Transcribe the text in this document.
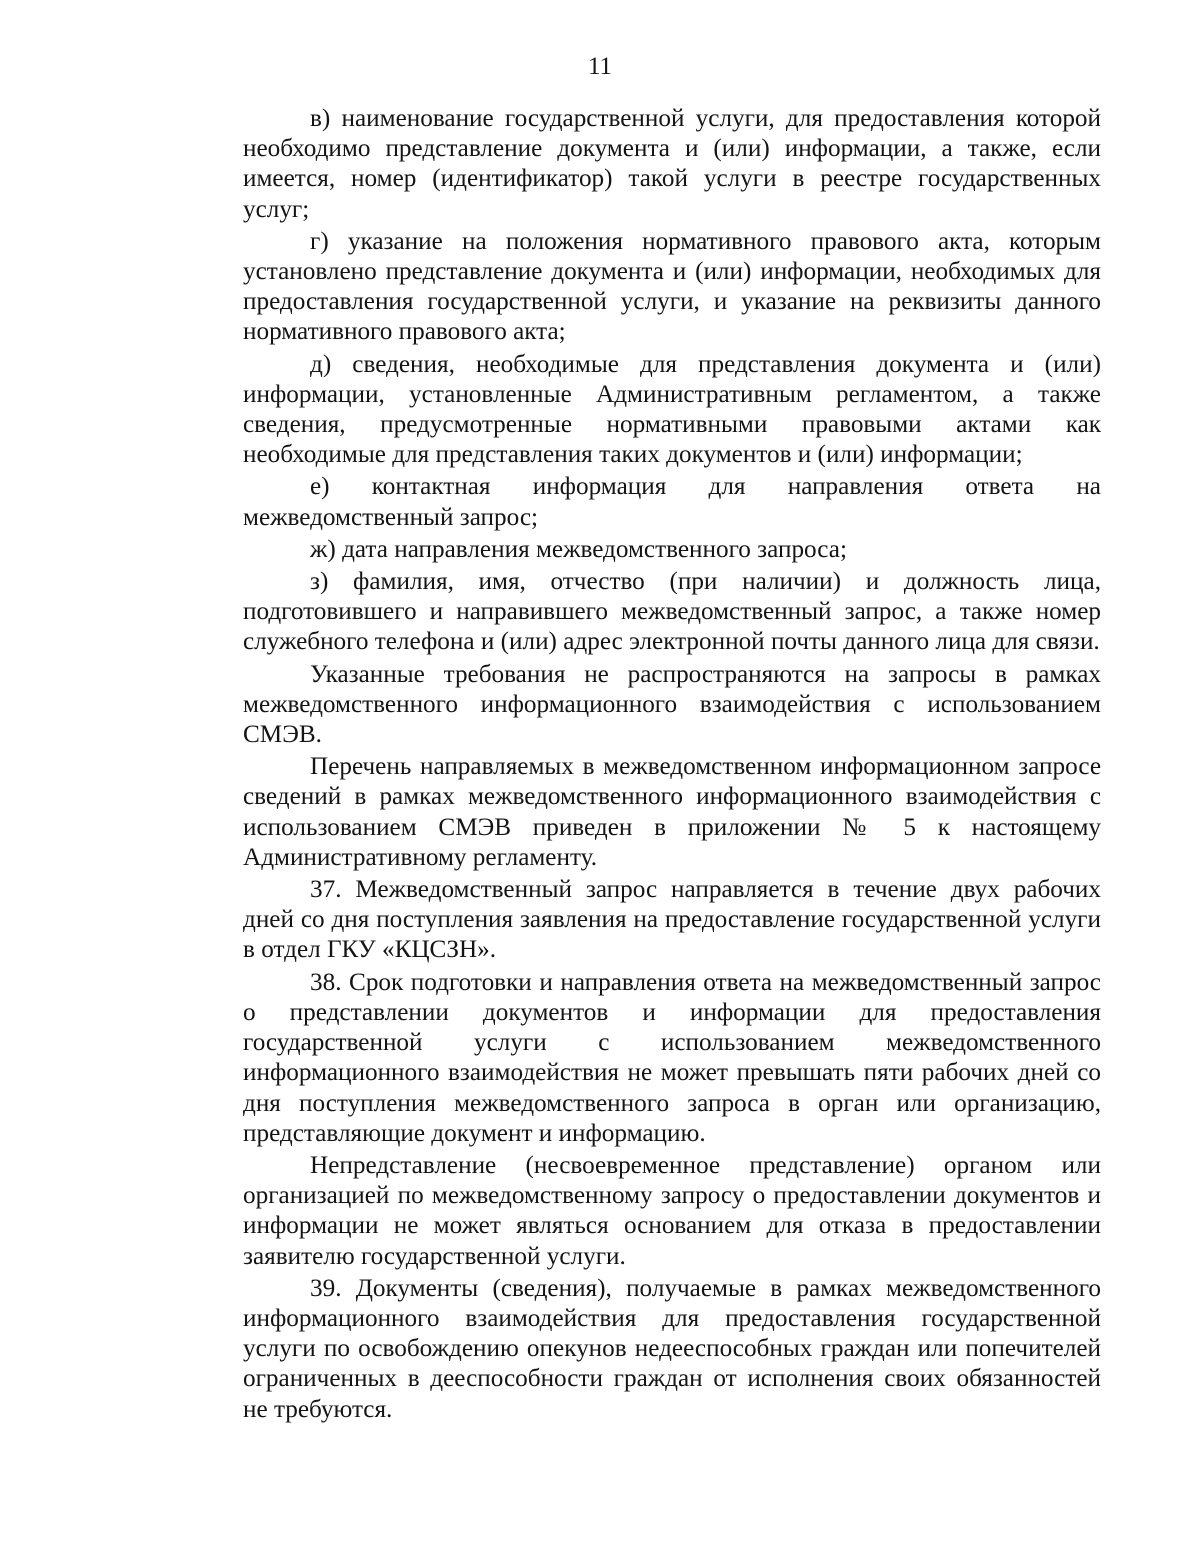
11

в) наименование государственной услуги, для предоставления которой необходимо представление документа и (или) информации, а также, если имеется, номер (идентификатор) такой услуги в реестре государственных услуг;

г) указание на положения нормативного правового акта, которым установлено представление документа и (или) информации, необходимых для предоставления государственной услуги, и указание на реквизиты данного нормативного правового акта;

д) сведения, необходимые для представления документа и (или) информации, установленные Административным регламентом, а также сведения, предусмотренные нормативными правовыми актами как необходимые для представления таких документов и (или) информации;

е) контактная информация для направления ответа на межведомственный запрос;

ж) дата направления межведомственного запроса;

з) фамилия, имя, отчество (при наличии) и должность лица, подготовившего и направившего межведомственный запрос, а также номер служебного телефона и (или) адрес электронной почты данного лица для связи.

Указанные требования не распространяются на запросы в рамках межведомственного информационного взаимодействия с использованием СМЭВ.

Перечень направляемых в межведомственном информационном запросе сведений в рамках межведомственного информационного взаимодействия с использованием СМЭВ приведен в приложении № 5 к настоящему Административному регламенту.

37. Межведомственный запрос направляется в течение двух рабочих дней со дня поступления заявления на предоставление государственной услуги в отдел ГКУ «КЦСЗН».

38. Срок подготовки и направления ответа на межведомственный запрос о представлении документов и информации для предоставления государственной услуги с использованием межведомственного информационного взаимодействия не может превышать пяти рабочих дней со дня поступления межведомственного запроса в орган или организацию, представляющие документ и информацию.

Непредставление (несвоевременное представление) органом или организацией по межведомственному запросу о предоставлении документов и информации не может являться основанием для отказа в предоставлении заявителю государственной услуги.

39. Документы (сведения), получаемые в рамках межведомственного информационного взаимодействия для предоставления государственной услуги по освобождению опекунов недееспособных граждан или попечителей ограниченных в дееспособности граждан от исполнения своих обязанностей не требуются.
